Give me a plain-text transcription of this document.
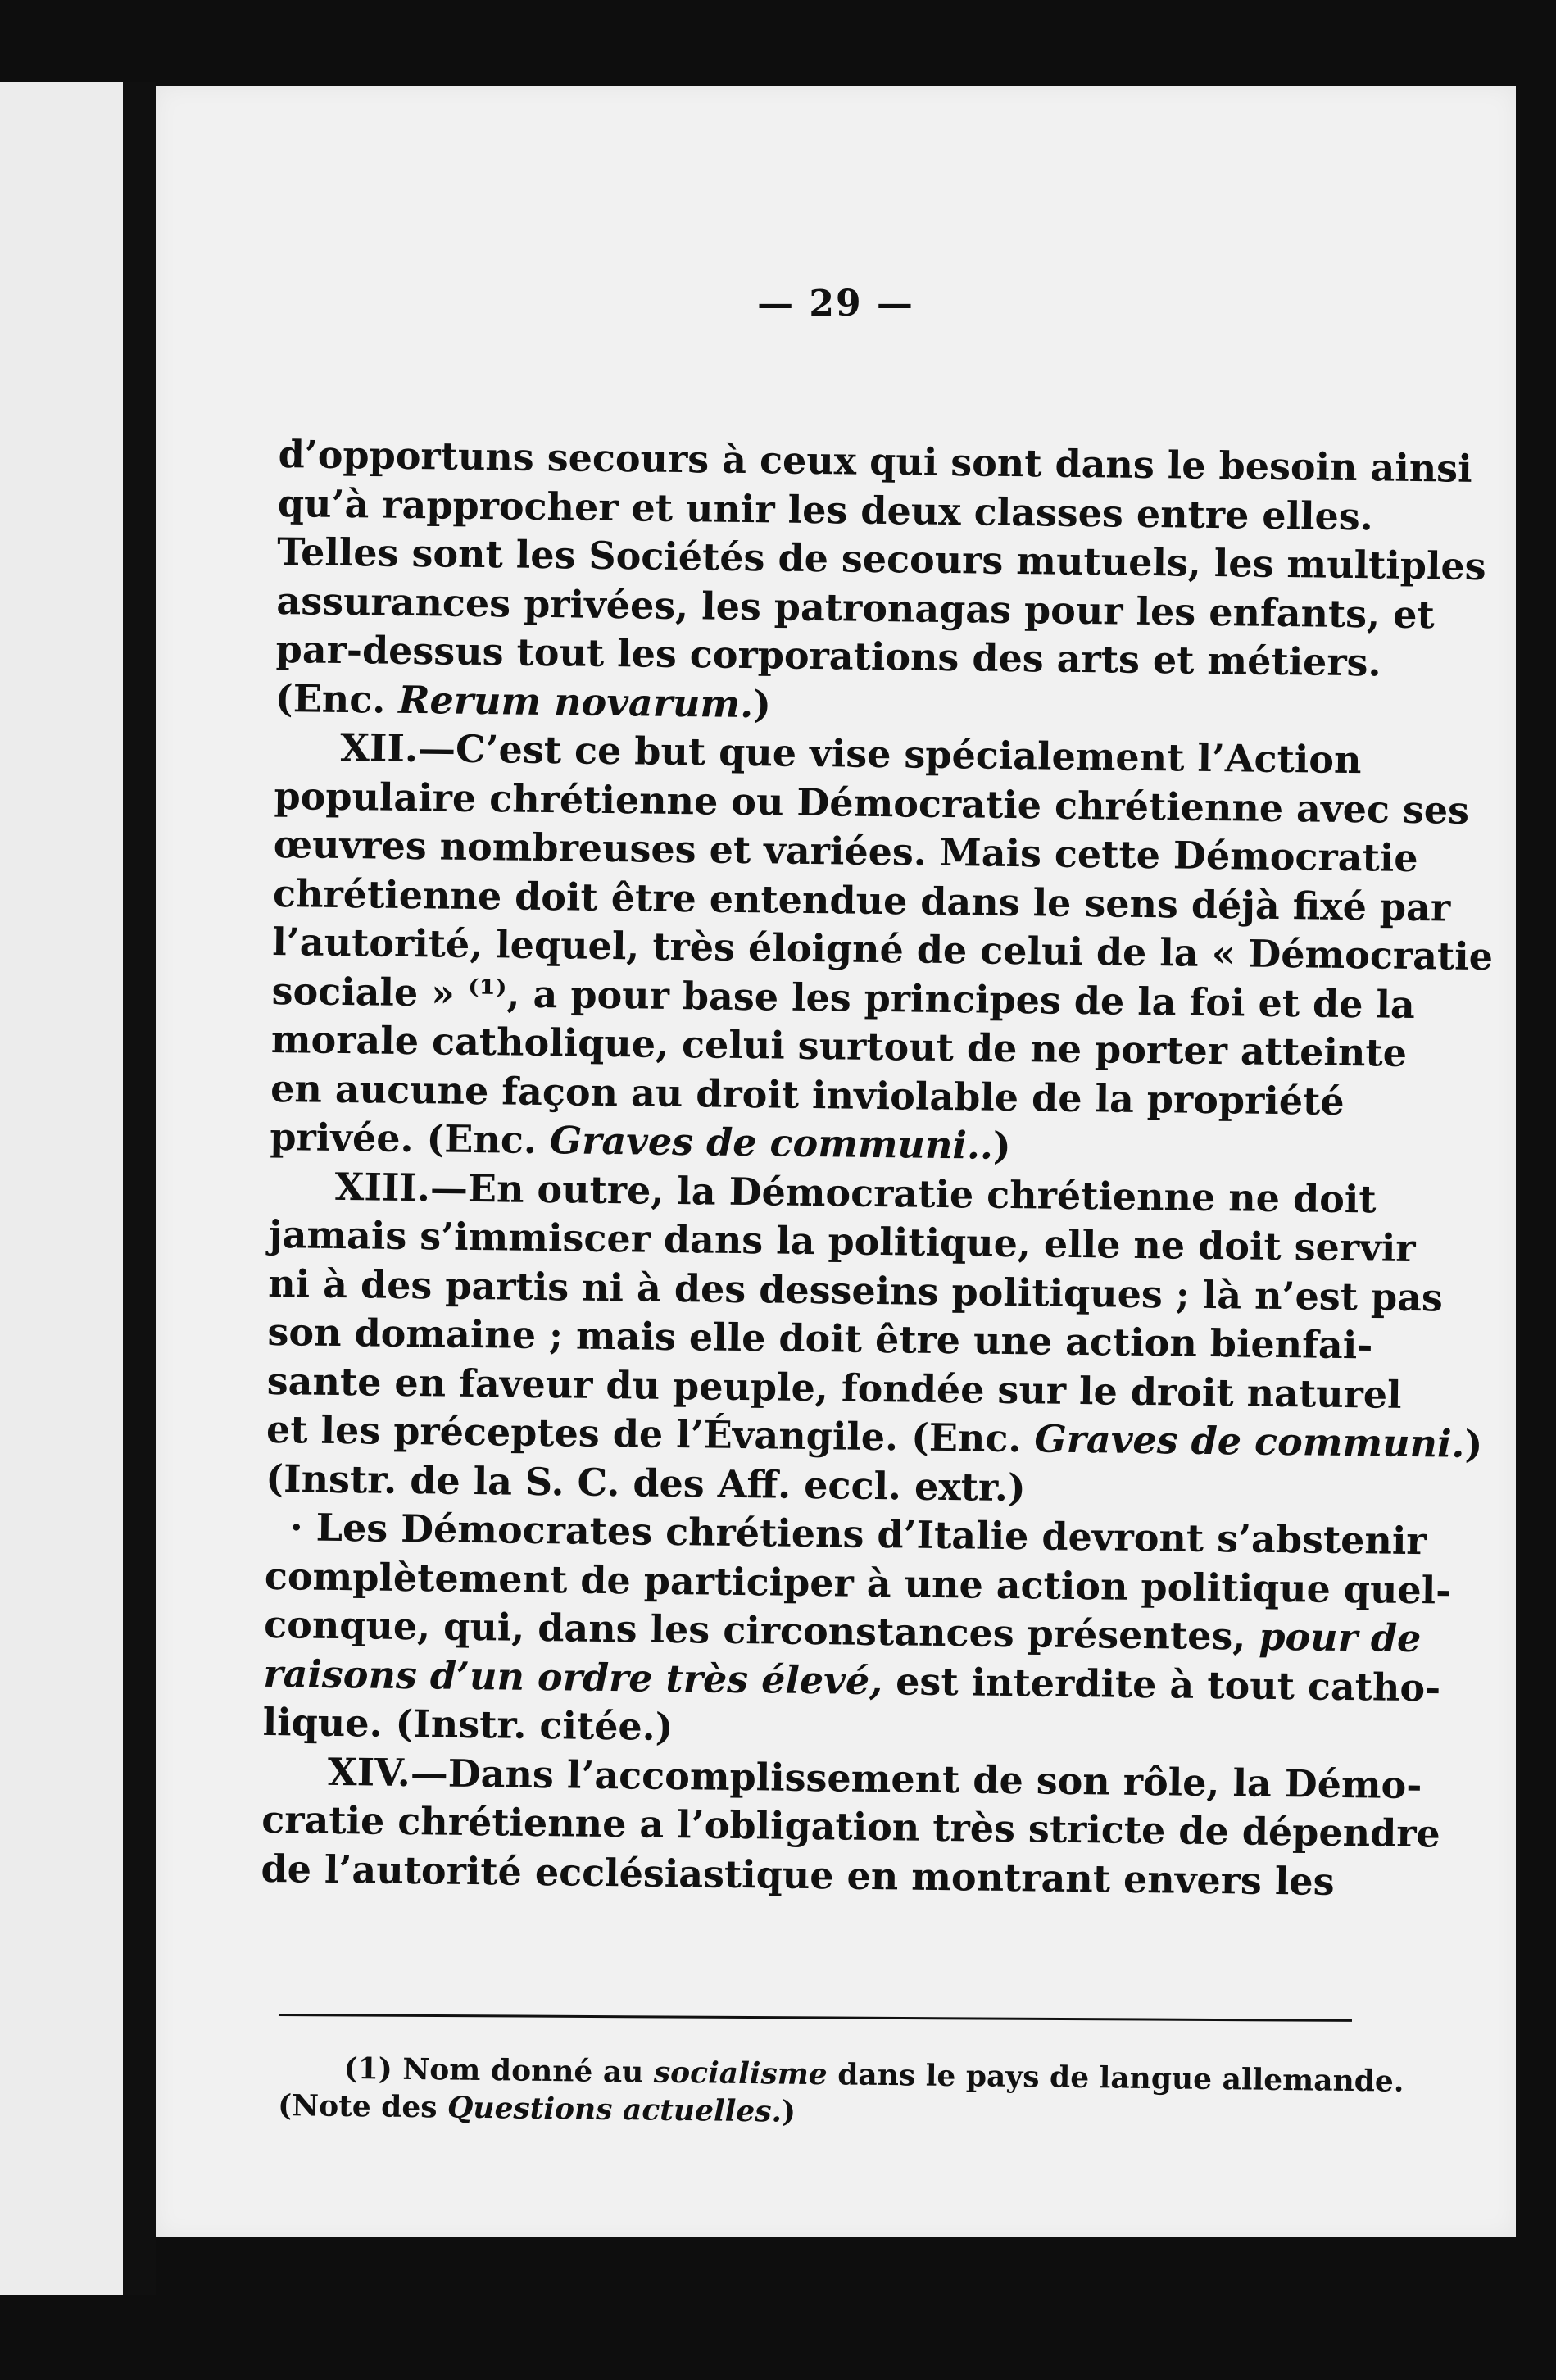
— 29 —
d’opportuns secours à ceux qui sont dans le besoin ainsi
qu’à rapprocher et unir les deux classes entre elles.
Telles sont les Sociétés de secours mutuels, les multiples
assurances privées, les patronagas pour les enfants, et
par-dessus tout les corporations des arts et métiers.
(Enc. Rerum novarum.)
XII.—C’est ce but que vise spécialement l’Action
populaire chrétienne ou Démocratie chrétienne avec ses
œuvres nombreuses et variées. Mais cette Démocratie
chrétienne doit être entendue dans le sens déjà fixé par
l’autorité, lequel, très éloigné de celui de la « Démocratie
sociale » ⁽¹⁾, a pour base les principes de la foi et de la
morale catholique, celui surtout de ne porter atteinte
en aucune façon au droit inviolable de la propriété
privée. (Enc. Graves de communi..)
XIII.—En outre, la Démocratie chrétienne ne doit
jamais s’immiscer dans la politique, elle ne doit servir
ni à des partis ni à des desseins politiques ; là n’est pas
son domaine ; mais elle doit être une action bienfai-
sante en faveur du peuple, fondée sur le droit naturel
et les préceptes de l’Évangile. (Enc. Graves de communi.)
(Instr. de la S. C. des Aff. eccl. extr.)
· Les Démocrates chrétiens d’Italie devront s’abstenir
complètement de participer à une action politique quel-
conque, qui, dans les circonstances présentes, pour de
raisons d’un ordre très élevé, est interdite à tout catho-
lique. (Instr. citée.)
XIV.—Dans l’accomplissement de son rôle, la Démo-
cratie chrétienne a l’obligation très stricte de dépendre
de l’autorité ecclésiastique en montrant envers les
(1) Nom donné au socialisme dans le pays de langue allemande.
(Note des Questions actuelles.)
